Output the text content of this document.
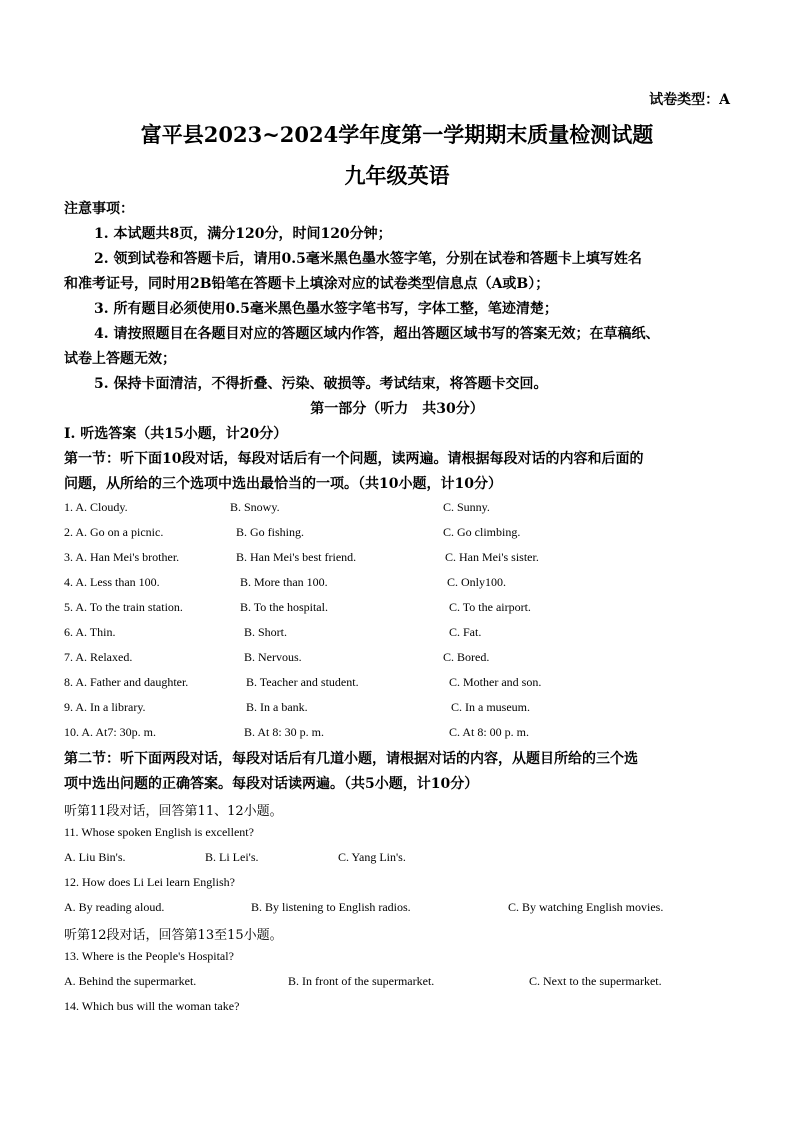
试卷类型：A
富平县2023~2024学年度第一学期期末质量检测试题
九年级英语
注意事项：
1. 本试题共8页，满分120分，时间120分钟；
2. 领到试卷和答题卡后，请用0.5毫米黑色墨水签字笔，分别在试卷和答题卡上填写姓名
和准考证号，同时用2B铅笔在答题卡上填涂对应的试卷类型信息点（A或B）；
3. 所有题目必须使用0.5毫米黑色墨水签字笔书写，字体工整，笔迹清楚；
4. 请按照题目在各题目对应的答题区域内作答，超出答题区域书写的答案无效；在草稿纸、
试卷上答题无效；
5. 保持卡面清洁，不得折叠、污染、破损等。考试结束，将答题卡交回。
第一部分（听力　共30分）
I. 听选答案（共15小题，计20分）
第一节：听下面10段对话，每段对话后有一个问题，读两遍。请根据每段对话的内容和后面的
问题，从所给的三个选项中选出最恰当的一项。（共10小题，计10分）
1. A. Cloudy.	B. Snowy.	C. Sunny.
2. A. Go on a picnic.	B. Go fishing.	C. Go climbing.
3. A. Han Mei's brother.	B. Han Mei's best friend.	C. Han Mei's sister.
4. A. Less than 100.	B. More than 100.	C. Only100.
5. A. To the train station.	B. To the hospital.	C. To the airport.
6. A. Thin.	B. Short.	C. Fat.
7. A. Relaxed.	B. Nervous.	C. Bored.
8. A. Father and daughter.	B. Teacher and student.	C. Mother and son.
9. A. In a library.	B. In a bank.	C. In a museum.
10. A. At7: 30p. m.	B. At 8: 30 p. m.	C. At 8: 00 p. m.
第二节：听下面两段对话，每段对话后有几道小题，请根据对话的内容，从题目所给的三个选
项中选出问题的正确答案。每段对话读两遍。（共5小题，计10分）
听第11段对话，回答第11、12小题。
11. Whose spoken English is excellent?
A. Liu Bin's.	B. Li Lei's.	C. Yang Lin's.
12. How does Li Lei learn English?
A. By reading aloud.	B. By listening to English radios.	C. By watching English movies.
听第12段对话，回答第13至15小题。
13. Where is the People's Hospital?
A. Behind the supermarket.	B. In front of the supermarket.	C. Next to the supermarket.
14. Which bus will the woman take?
